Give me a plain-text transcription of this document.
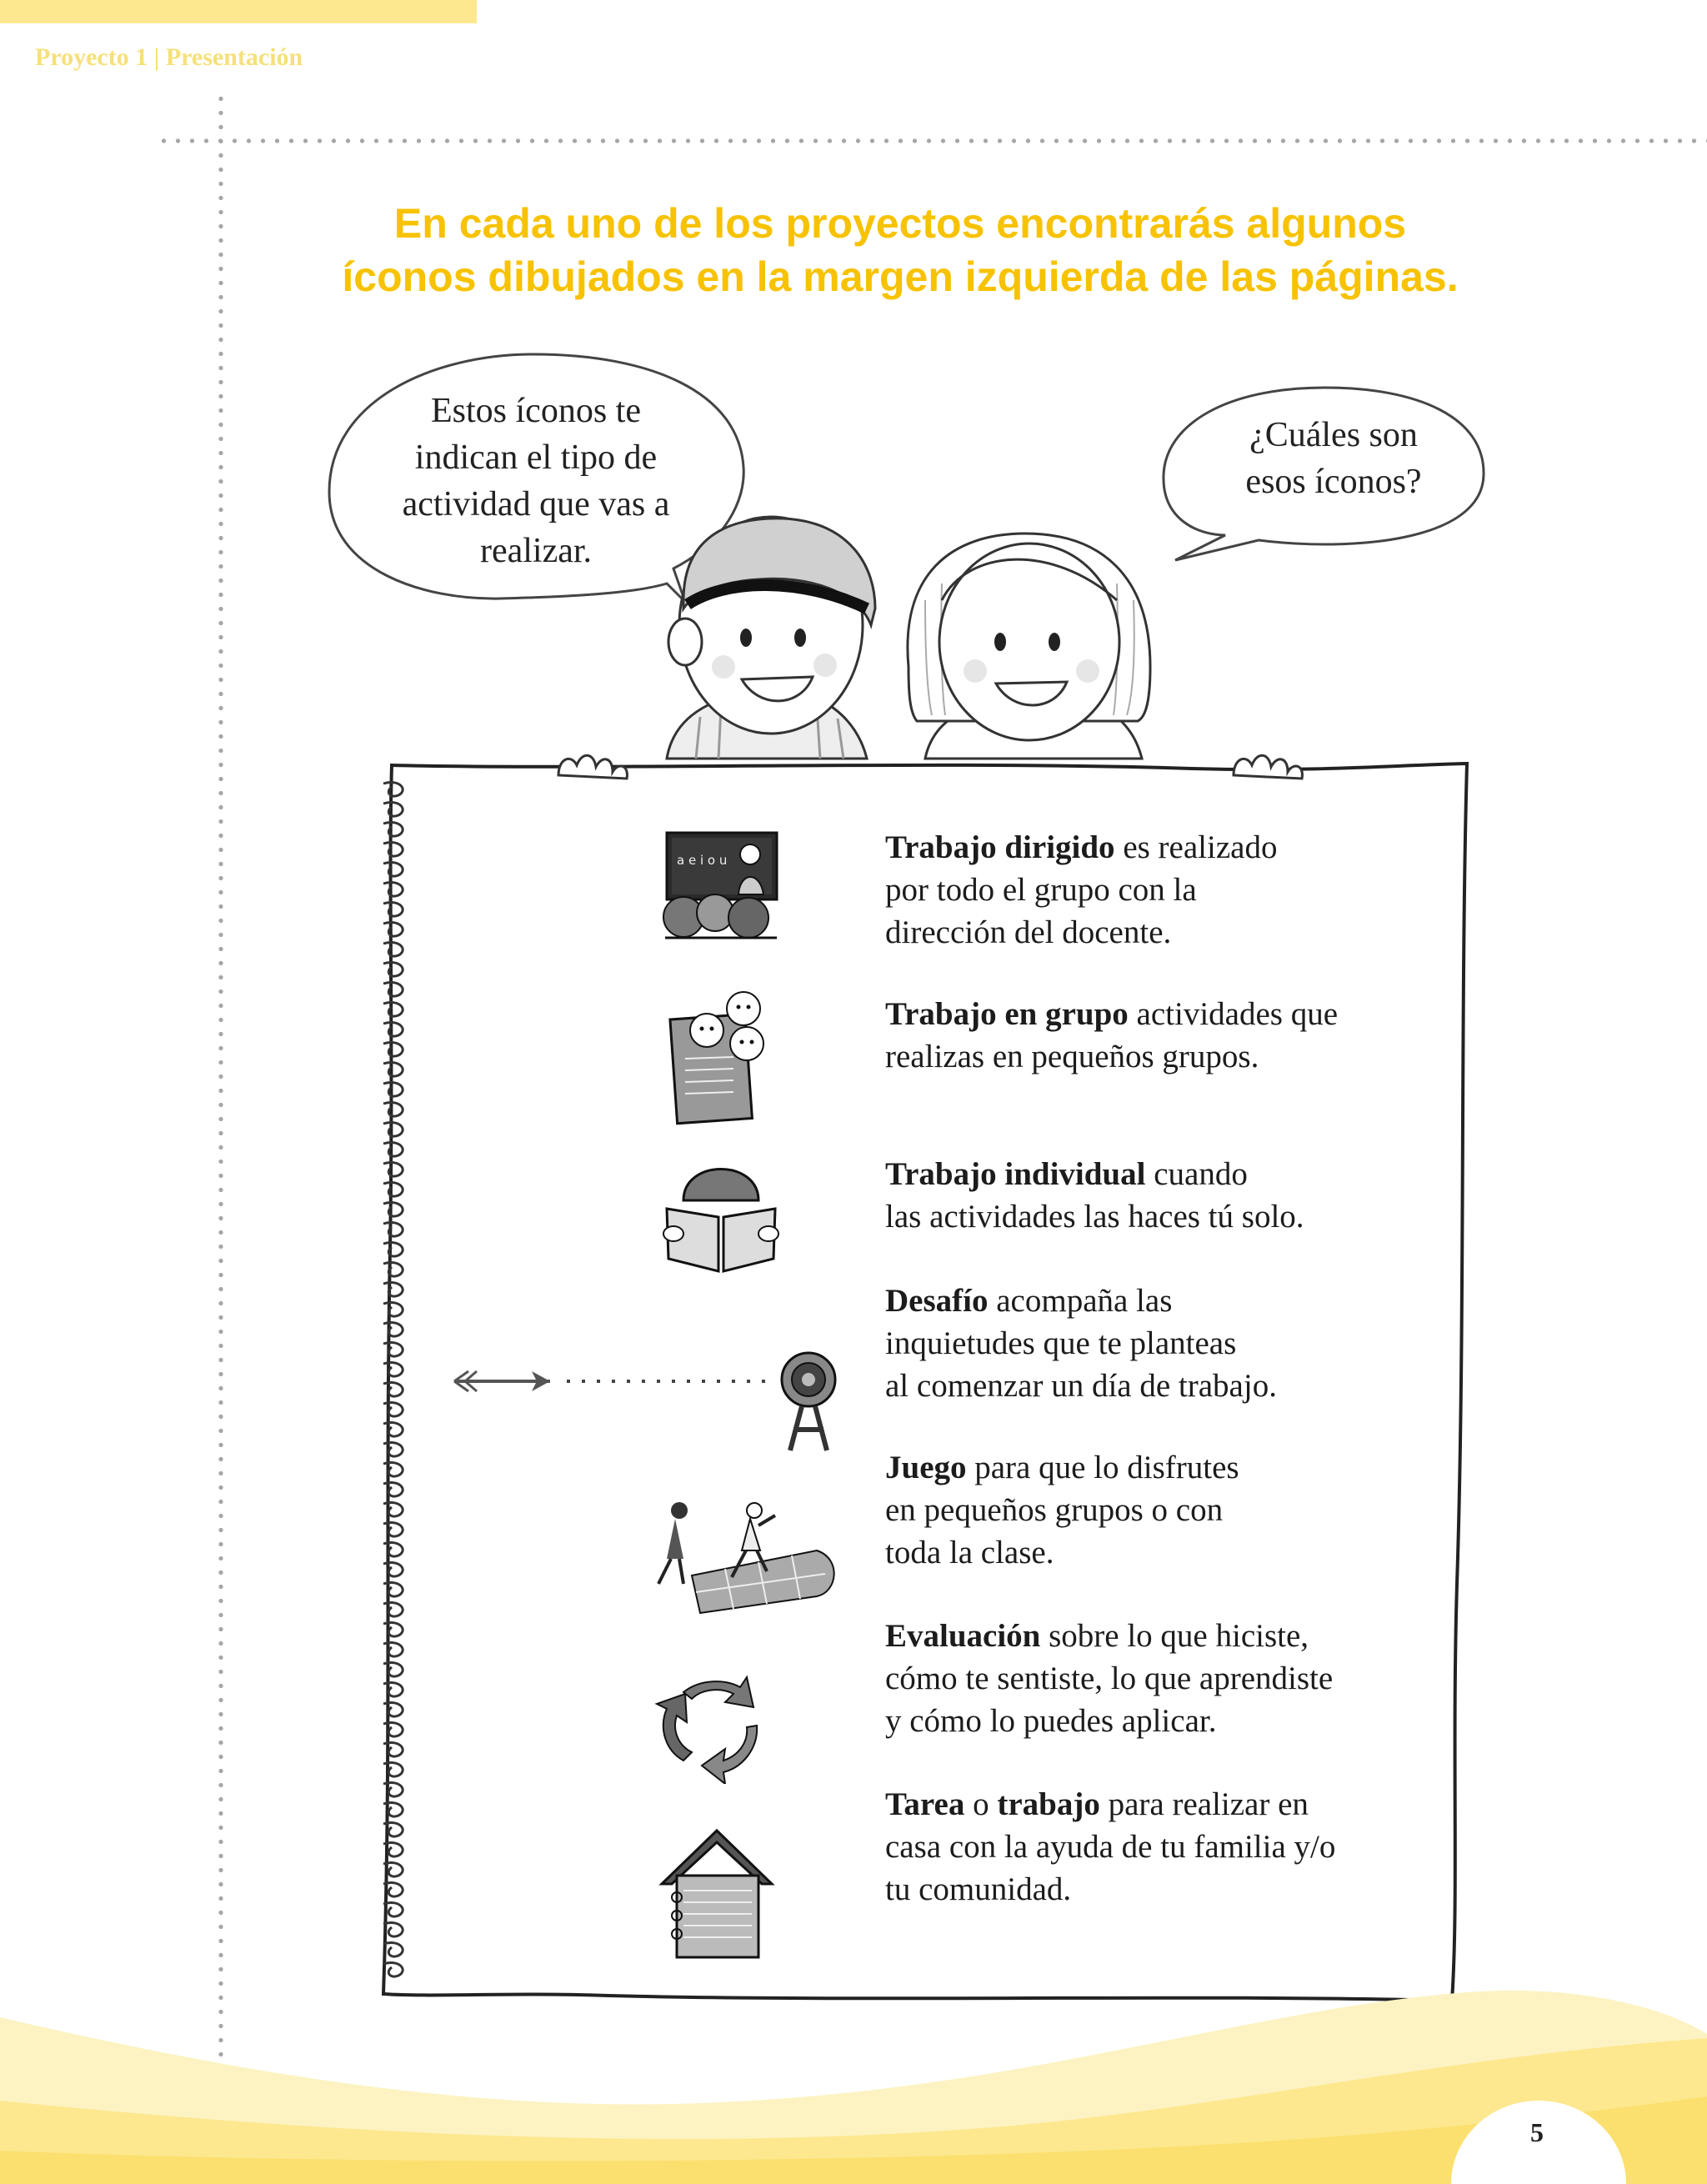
Proyecto 1 | Presentación
En cada uno de los proyectos encontrarás algunos
íconos dibujados en la margen izquierda de las páginas.
Estos íconos te
indican el tipo de
actividad que vas a
realizar.
¿Cuáles son
esos íconos?
a e i o u	Trabajo dirigido es realizado
por todo el grupo con la
dirección del docente.
Trabajo en grupo actividades que
realizas en pequeños grupos.
Trabajo individual cuando
las actividades las haces tú solo.
Desafío acompaña las
inquietudes que te planteas
al comenzar un día de trabajo.
Juego para que lo disfrutes
en pequeños grupos o con
toda la clase.
Evaluación sobre lo que hiciste,
cómo te sentiste, lo que aprendiste
y cómo lo puedes aplicar.
Tarea o trabajo para realizar en
casa con la ayuda de tu familia y/o
tu comunidad.
5
